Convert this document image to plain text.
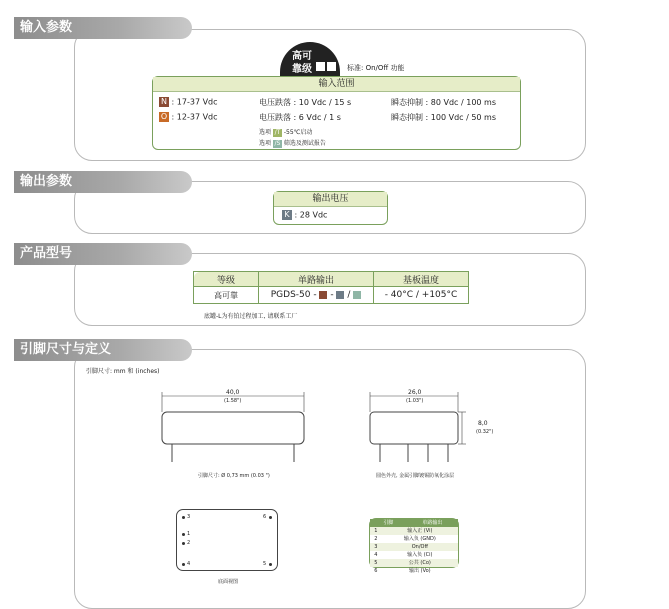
输入参数
高可
靠级	标准: On/Off 功能
输入范围
N : 17-37 Vdc	电压跌落 : 10 Vdc / 15 s	瞬态抑制 : 80 Vdc / 100 ms
O : 12-37 Vdc	电压跌落 : 6 Vdc / 1 s	瞬态抑制 : 100 Vdc / 50 ms
选项 /T -55℃启动
选项 /S 筛选及测试报告
输出参数
输出电压
K : 28 Vdc
产品型号
等级	单路输出	基板温度
高可靠	PGDS-50 -  -  /	- 40°C / +105°C
底罐-L为有铂过程加工, 请联系工厂
引脚尺寸与定义
引脚尺寸: mm 和 (inches)
40,0
(1.58")
引脚尺寸: Ø 0,73 mm (0.03 ")
26,0
(1.03")
8,0
(0.32")
圆色外壳, 金属引脚镀锡防氧化涂层
3
1
2
4	5
6
底面视图
引脚	单路输出
1	输入正 (Vi)
2	输入负 (GND)
3	On/Off
4	输入负 (Ci)
5	公共 (Co)
6	输出 (Vo)
